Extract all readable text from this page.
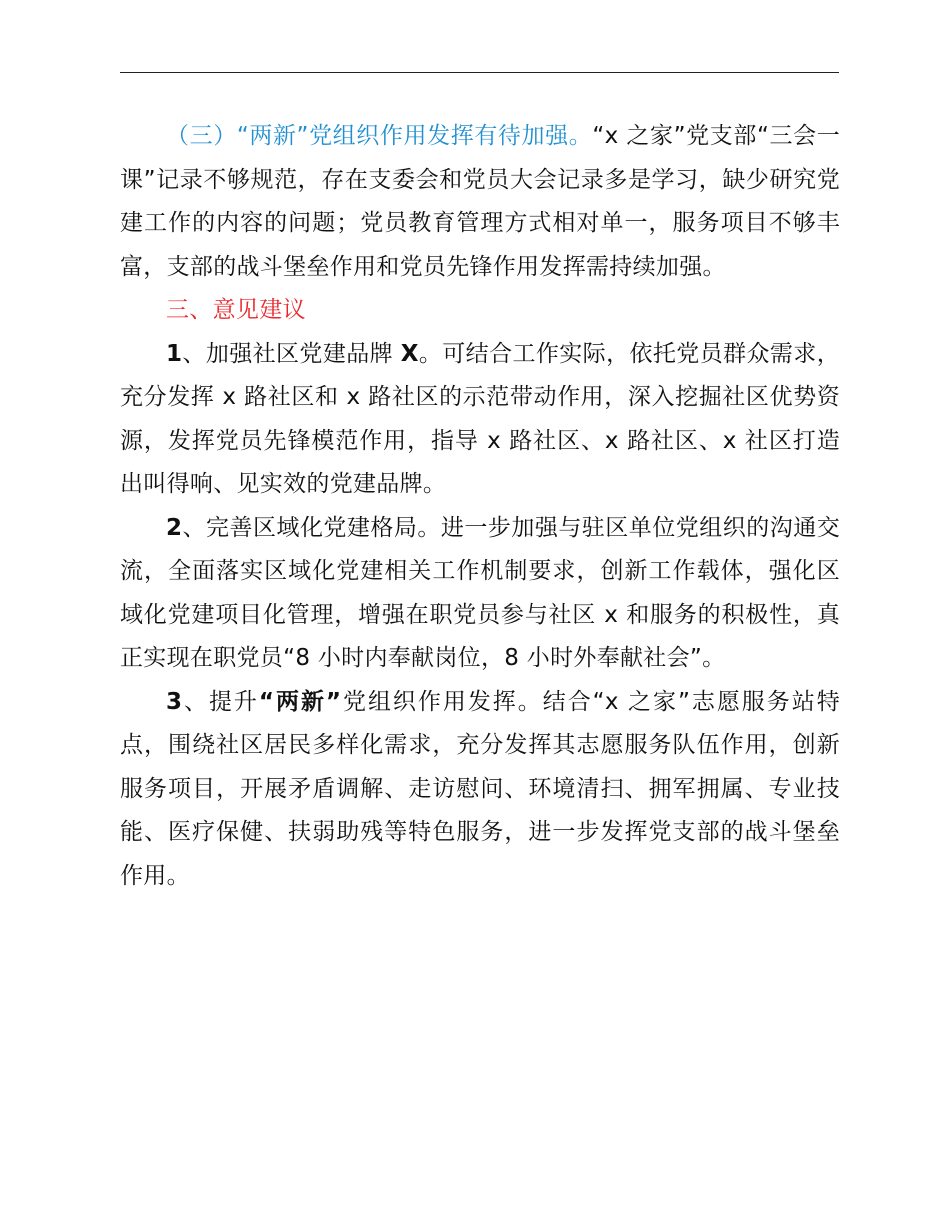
（三）“两新”党组织作用发挥有待加强。“x 之家”党支部“三会一课”记录不够规范，存在支委会和党员大会记录多是学习，缺少研究党建工作的内容的问题；党员教育管理方式相对单一，服务项目不够丰富，支部的战斗堡垒作用和党员先锋作用发挥需持续加强。

三、意见建议

1、加强社区党建品牌 X。可结合工作实际，依托党员群众需求，充分发挥 x 路社区和 x 路社区的示范带动作用，深入挖掘社区优势资源，发挥党员先锋模范作用，指导 x 路社区、x 路社区、x 社区打造出叫得响、见实效的党建品牌。

2、完善区域化党建格局。进一步加强与驻区单位党组织的沟通交流，全面落实区域化党建相关工作机制要求，创新工作载体，强化区域化党建项目化管理，增强在职党员参与社区 x 和服务的积极性，真正实现在职党员“8 小时内奉献岗位，8 小时外奉献社会”。

3、提升“两新”党组织作用发挥。结合“x 之家”志愿服务站特点，围绕社区居民多样化需求，充分发挥其志愿服务队伍作用，创新服务项目，开展矛盾调解、走访慰问、环境清扫、拥军拥属、专业技能、医疗保健、扶弱助残等特色服务，进一步发挥党支部的战斗堡垒作用。
